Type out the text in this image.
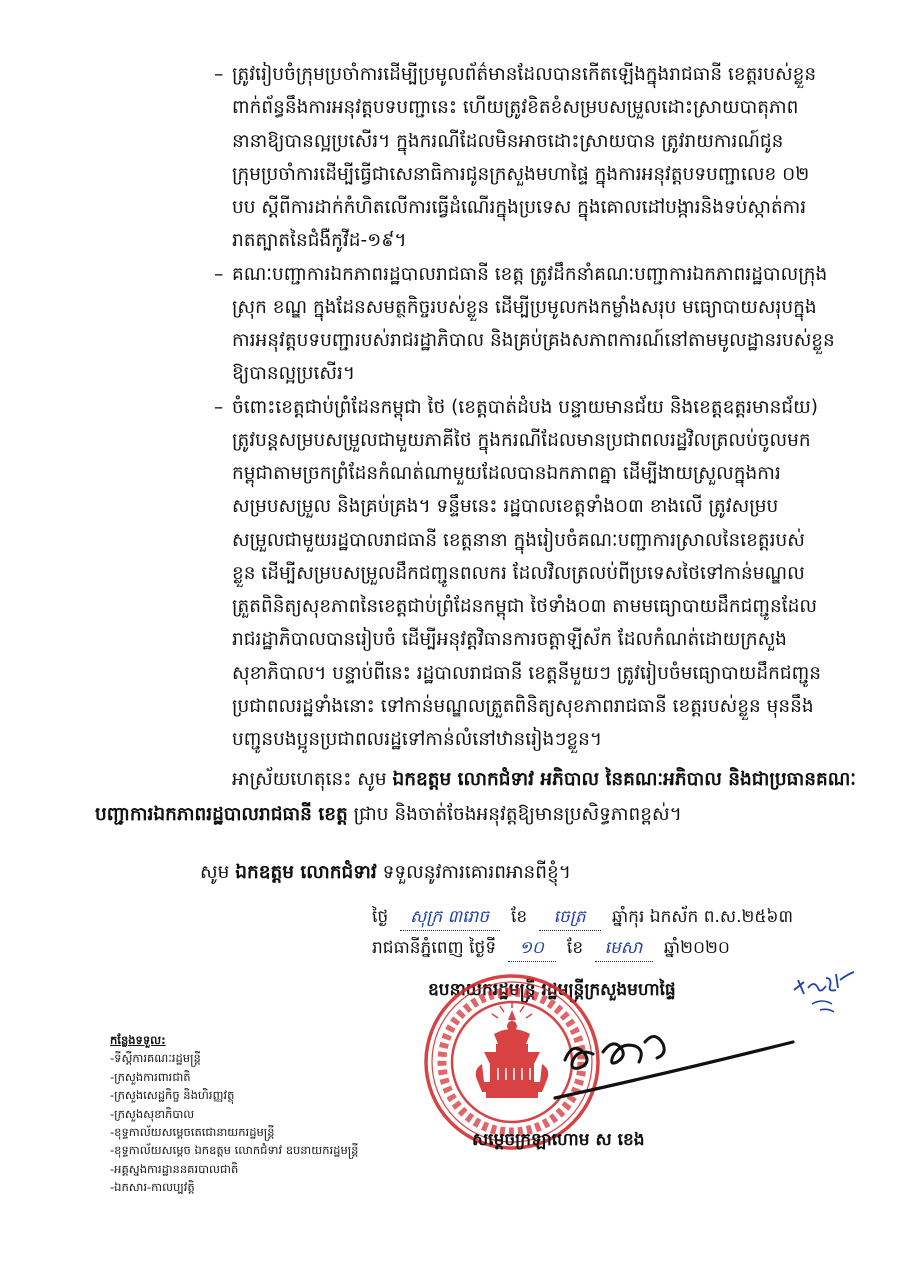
– ត្រូវរៀបចំក្រុមប្រចាំការដើម្បីប្រមូលព័ត៌មានដែលបានកើតឡើងក្នុងរាជធានី ខេត្តរបស់ខ្លួន
ពាក់ព័ន្ធនឹងការអនុវត្តបទបញ្ជានេះ ហើយត្រូវខិតខំសម្របសម្រួលដោះស្រាយបាតុភាព
នានាឱ្យបានល្អប្រសើរ។ ក្នុងករណីដែលមិនអាចដោះស្រាយបាន ត្រូវរាយការណ៍ជូន
ក្រុមប្រចាំការដើម្បីធ្វើជាសេនាធិការជូនក្រសួងមហាផ្ទៃ ក្នុងការអនុវត្តបទបញ្ជាលេខ ០២
បប ស្តីពីការដាក់កំហិតលើការធ្វើដំណើរក្នុងប្រទេស ក្នុងគោលដៅបង្ការនិងទប់ស្កាត់ការ
រាតត្បាតនៃជំងឺកូវីដ-១៩។
– គណៈបញ្ជាការឯកភាពរដ្ឋបាលរាជធានី ខេត្ត ត្រូវដឹកនាំគណៈបញ្ជាការឯកភាពរដ្ឋបាលក្រុង
ស្រុក ខណ្ឌ ក្នុងដែនសមត្ថកិច្ចរបស់ខ្លួន ដើម្បីប្រមូលកងកម្លាំងសរុប មធ្យោបាយសរុបក្នុង
ការអនុវត្តបទបញ្ជារបស់រាជរដ្ឋាភិបាល និងគ្រប់គ្រងសភាពការណ៍នៅតាមមូលដ្ឋានរបស់ខ្លួន
ឱ្យបានល្អប្រសើរ។
– ចំពោះខេត្តជាប់ព្រំដែនកម្ពុជា ថៃ (ខេត្តបាត់ដំបង បន្ទាយមានជ័យ និងខេត្តឧត្តរមានជ័យ)
ត្រូវបន្តសម្របសម្រួលជាមួយភាគីថៃ ក្នុងករណីដែលមានប្រជាពលរដ្ឋវិលត្រលប់ចូលមក
កម្ពុជាតាមច្រកព្រំដែនកំណត់ណាមួយដែលបានឯកភាពគ្នា ដើម្បីងាយស្រួលក្នុងការ
សម្របសម្រួល និងគ្រប់គ្រង។ ទន្ទឹមនេះ រដ្ឋបាលខេត្តទាំង០៣ ខាងលើ ត្រូវសម្រប
សម្រួលជាមួយរដ្ឋបាលរាជធានី ខេត្តនានា ក្នុងរៀបចំគណៈបញ្ជាការស្រាលនៃខេត្តរបស់
ខ្លួន ដើម្បីសម្របសម្រួលដឹកជញ្ជូនពលករ ដែលវិលត្រលប់ពីប្រទេសថៃទៅកាន់មណ្ឌល
ត្រួតពិនិត្យសុខភាពនៃខេត្តជាប់ព្រំដែនកម្ពុជា ថៃទាំង០៣ តាមមធ្យោបាយដឹកជញ្ជូនដែល
រាជរដ្ឋាភិបាលបានរៀបចំ ដើម្បីអនុវត្តវិធានការចត្តាឡីស័ក ដែលកំណត់ដោយក្រសួង
សុខាភិបាល។ បន្ទាប់ពីនេះ រដ្ឋបាលរាជធានី ខេត្តនីមួយៗ ត្រូវរៀបចំមធ្យោបាយដឹកជញ្ជូន
ប្រជាពលរដ្ឋទាំងនោះ ទៅកាន់មណ្ឌលត្រួតពិនិត្យសុខភាពរាជធានី ខេត្តរបស់ខ្លួន មុននឹង
បញ្ជូនបងប្អូនប្រជាពលរដ្ឋទៅកាន់លំនៅឋានរៀងៗខ្លួន។
អាស្រ័យហេតុនេះ សូម ឯកឧត្តម លោកជំទាវ អភិបាល នៃគណៈអភិបាល និងជាប្រធានគណៈ
បញ្ជាការឯកភាពរដ្ឋបាលរាជធានី ខេត្ត ជ្រាប និងចាត់ចែងអនុវត្តឱ្យមានប្រសិទ្ធភាពខ្ពស់។
សូម ឯកឧត្តម លោកជំទាវ ទទួលនូវការគោរពអានពីខ្ញុំ។
ថ្ងៃ សុក្រ ៣រោច ខែ ចេត្រ ឆ្នាំកុរ ឯកស័ក ព.ស.២៥៦៣
រាជធានីភ្នំពេញ ថ្ងៃទី ១០ ខែ មេសា ឆ្នាំ២០២០
ឧបនាយករដ្ឋមន្ត្រី រដ្ឋមន្ត្រីក្រសួងមហាផ្ទៃ
កន្លែងទទួល:
-ទីស្តីការគណៈរដ្ឋមន្ត្រី
-ក្រសួងការពារជាតិ
-ក្រសួងសេដ្ឋកិច្ច និងហិរញ្ញវត្ថុ
-ក្រសួងសុខាភិបាល
-ខុទ្ទកាល័យសម្តេចតេជោនាយករដ្ឋមន្ត្រី
-ខុទ្ទកាល័យសម្តេច ឯកឧត្តម លោកជំទាវ ឧបនាយករដ្ឋមន្ត្រី
-អគ្គស្នងការដ្ឋាននគរបាលជាតិ
-ឯកសារ-កាលប្បវត្តិ
សម្តេចក្រឡាហោម ស ខេង
